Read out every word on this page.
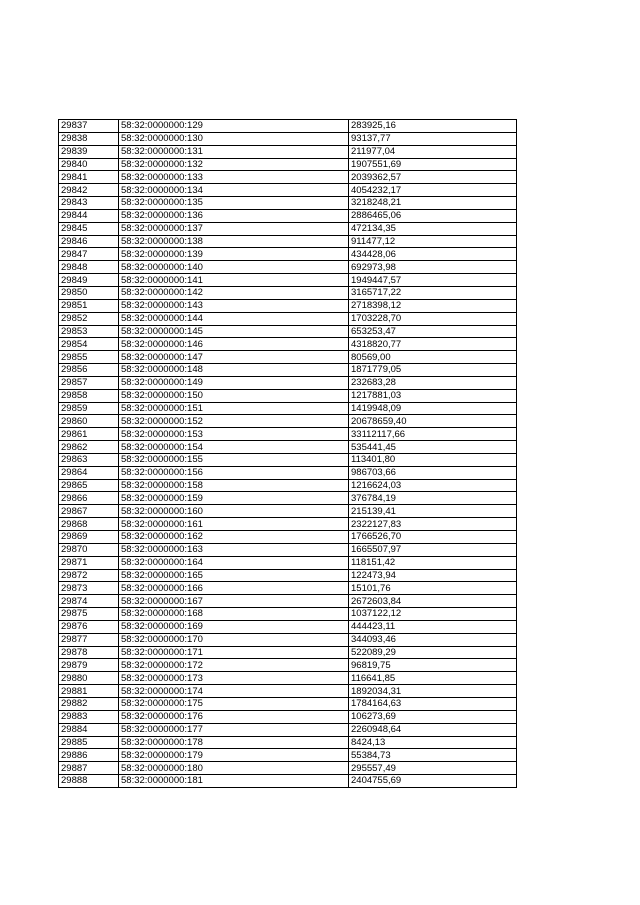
29837	58:32:0000000:129	283925,16
29838	58:32:0000000:130	93137,77
29839	58:32:0000000:131	211977,04
29840	58:32:0000000:132	1907551,69
29841	58:32:0000000:133	2039362,57
29842	58:32:0000000:134	4054232,17
29843	58:32:0000000:135	3218248,21
29844	58:32:0000000:136	2886465,06
29845	58:32:0000000:137	472134,35
29846	58:32:0000000:138	911477,12
29847	58:32:0000000:139	434428,06
29848	58:32:0000000:140	692973,98
29849	58:32:0000000:141	1949447,57
29850	58:32:0000000:142	3165717,22
29851	58:32:0000000:143	2718398,12
29852	58:32:0000000:144	1703228,70
29853	58:32:0000000:145	653253,47
29854	58:32:0000000:146	4318820,77
29855	58:32:0000000:147	80569,00
29856	58:32:0000000:148	1871779,05
29857	58:32:0000000:149	232683,28
29858	58:32:0000000:150	1217881,03
29859	58:32:0000000:151	1419948,09
29860	58:32:0000000:152	20678659,40
29861	58:32:0000000:153	33112117,66
29862	58:32:0000000:154	535441,45
29863	58:32:0000000:155	113401,80
29864	58:32:0000000:156	986703,66
29865	58:32:0000000:158	1216624,03
29866	58:32:0000000:159	376784,19
29867	58:32:0000000:160	215139,41
29868	58:32:0000000:161	2322127,83
29869	58:32:0000000:162	1766526,70
29870	58:32:0000000:163	1665507,97
29871	58:32:0000000:164	118151,42
29872	58:32:0000000:165	122473,94
29873	58:32:0000000:166	15101,76
29874	58:32:0000000:167	2672603,84
29875	58:32:0000000:168	1037122,12
29876	58:32:0000000:169	444423,11
29877	58:32:0000000:170	344093,46
29878	58:32:0000000:171	522089,29
29879	58:32:0000000:172	96819,75
29880	58:32:0000000:173	116641,85
29881	58:32:0000000:174	1892034,31
29882	58:32:0000000:175	1784164,63
29883	58:32:0000000:176	106273,69
29884	58:32:0000000:177	2260948,64
29885	58:32:0000000:178	8424,13
29886	58:32:0000000:179	55384,73
29887	58:32:0000000:180	295557,49
29888	58:32:0000000:181	2404755,69
